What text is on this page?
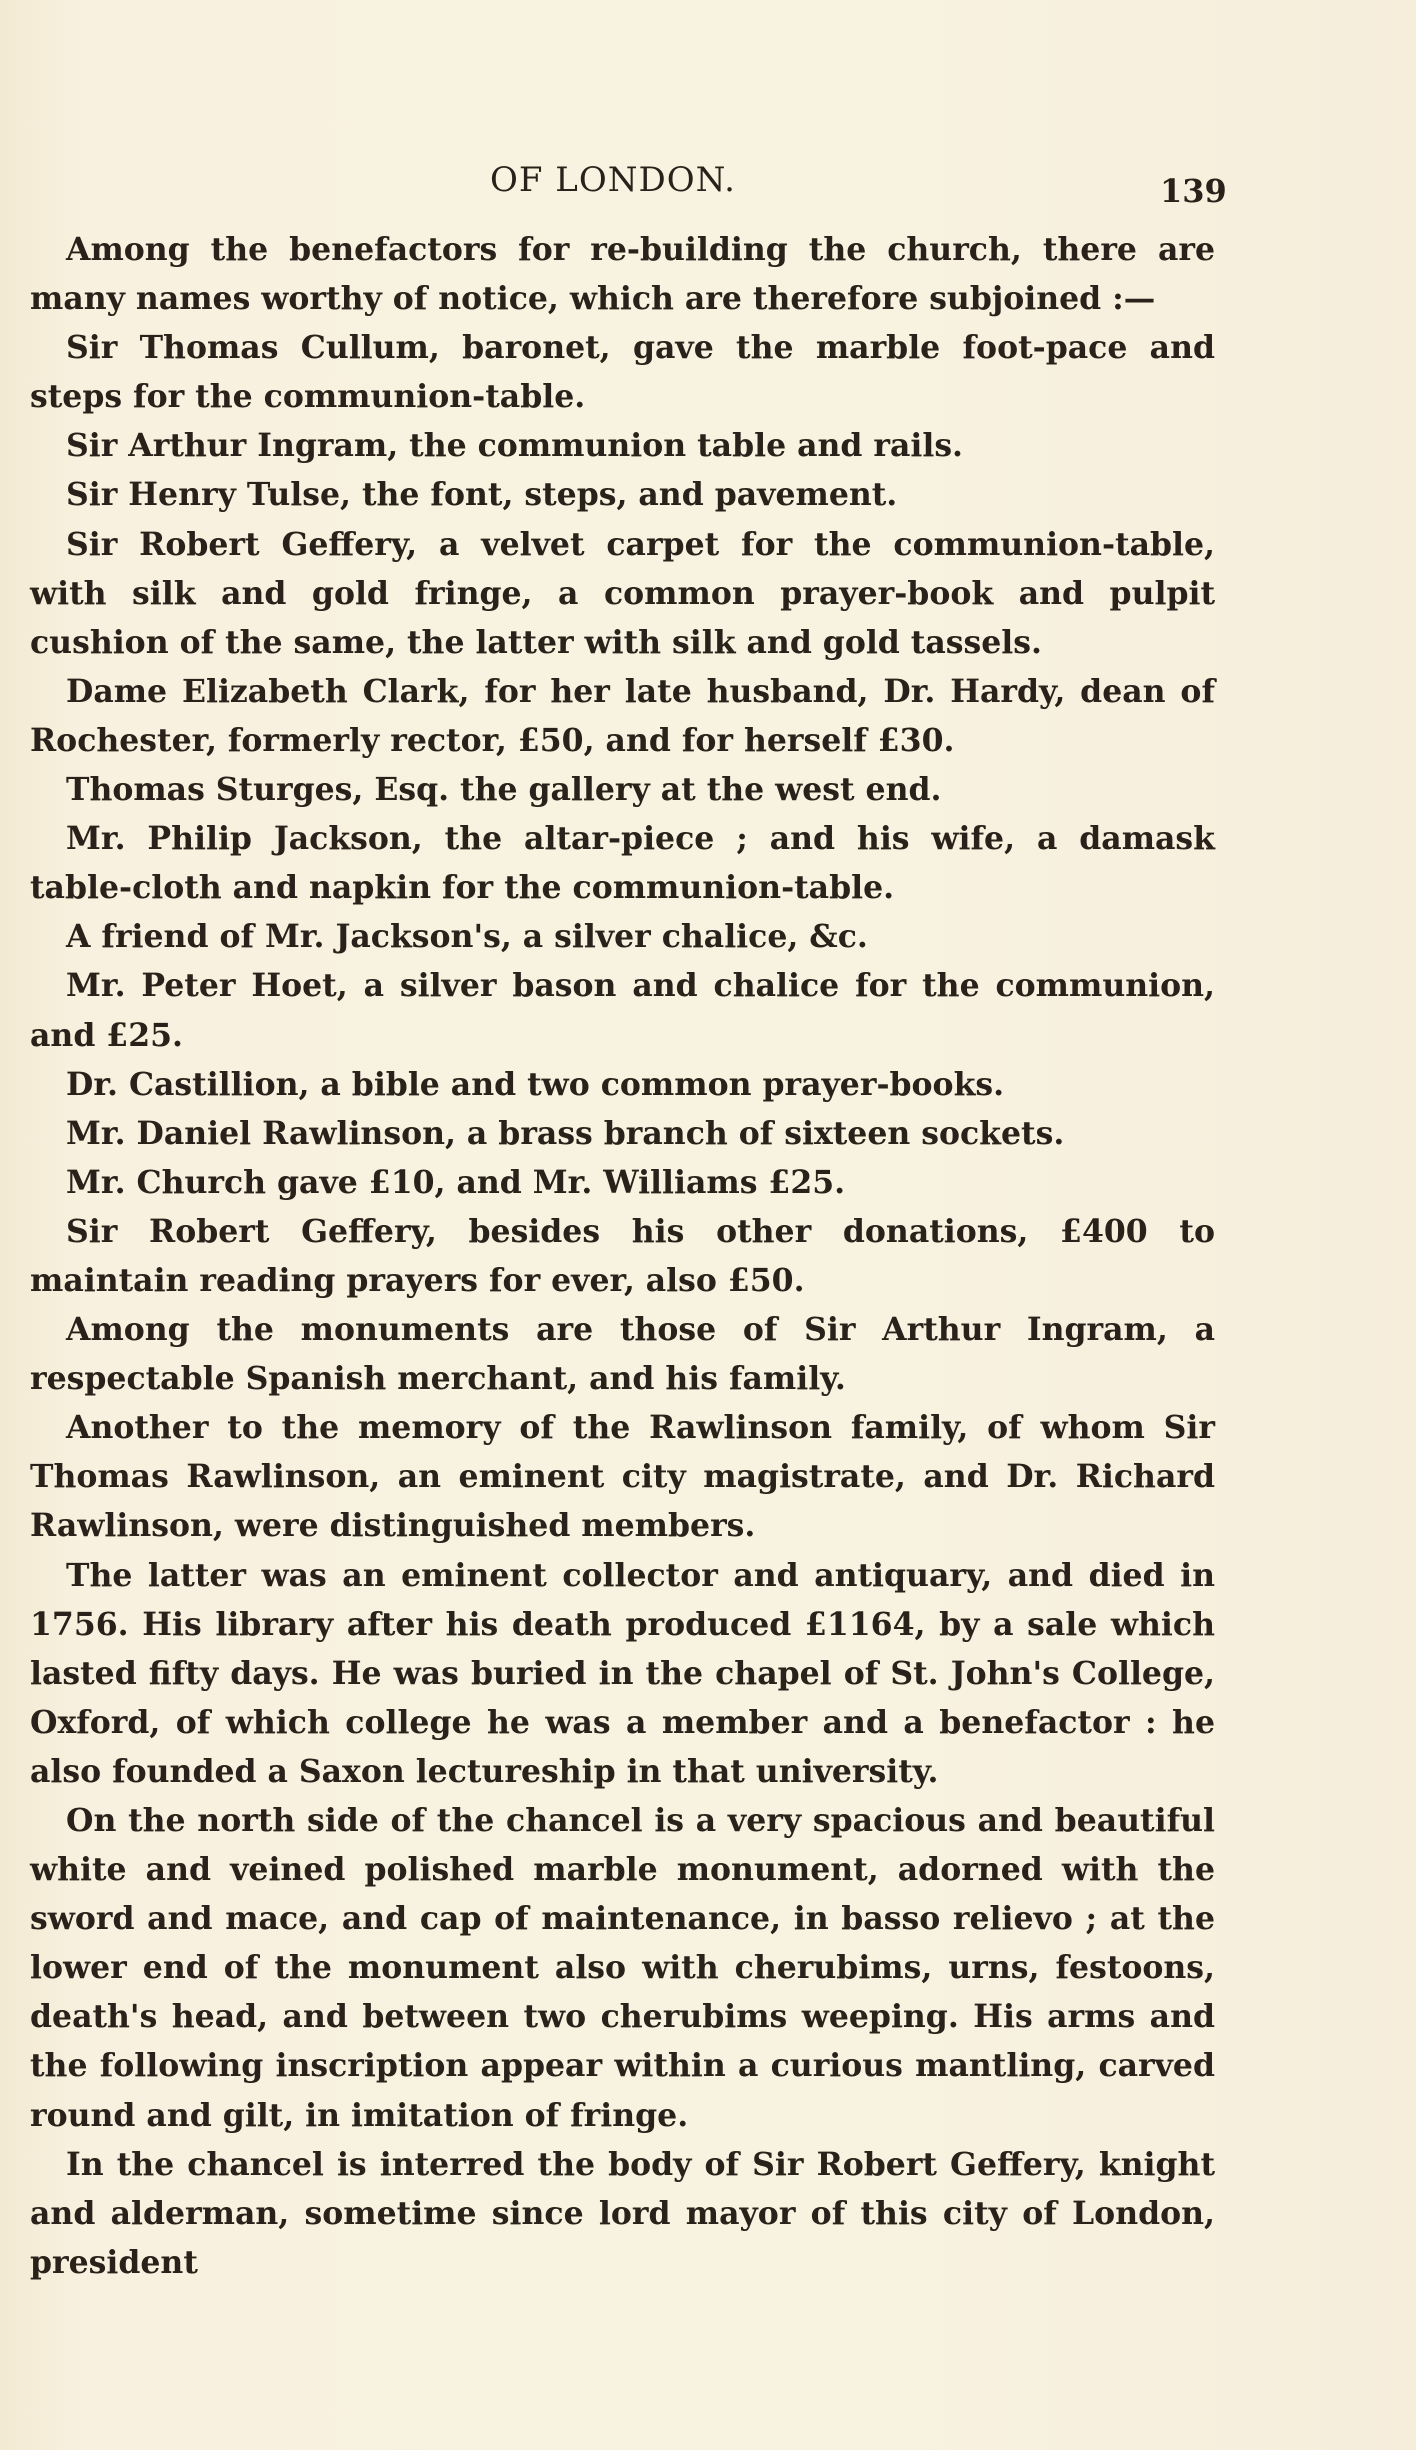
OF LONDON.	139

Among the benefactors for re-building the church, there are many names worthy of notice, which are therefore subjoined :—

Sir Thomas Cullum, baronet, gave the marble foot-pace and steps for the communion-table.

Sir Arthur Ingram, the communion table and rails.

Sir Henry Tulse, the font, steps, and pavement.

Sir Robert Geffery, a velvet carpet for the communion-table, with silk and gold fringe, a common prayer-book and pulpit cushion of the same, the latter with silk and gold tassels.

Dame Elizabeth Clark, for her late husband, Dr. Hardy, dean of Rochester, formerly rector, £50, and for herself £30.

Thomas Sturges, Esq. the gallery at the west end.

Mr. Philip Jackson, the altar-piece ; and his wife, a damask table-cloth and napkin for the communion-table.

A friend of Mr. Jackson's, a silver chalice, &c.

Mr. Peter Hoet, a silver bason and chalice for the communion, and £25.

Dr. Castillion, a bible and two common prayer-books.

Mr. Daniel Rawlinson, a brass branch of sixteen sockets.

Mr. Church gave £10, and Mr. Williams £25.

Sir Robert Geffery, besides his other donations, £400 to maintain reading prayers for ever, also £50.

Among the monuments are those of Sir Arthur Ingram, a respectable Spanish merchant, and his family.

Another to the memory of the Rawlinson family, of whom Sir Thomas Rawlinson, an eminent city magistrate, and Dr. Richard Rawlinson, were distinguished members.

The latter was an eminent collector and antiquary, and died in 1756. His library after his death produced £1164, by a sale which lasted fifty days. He was buried in the chapel of St. John's College, Oxford, of which college he was a member and a benefactor : he also founded a Saxon lectureship in that university.

On the north side of the chancel is a very spacious and beautiful white and veined polished marble monument, adorned with the sword and mace, and cap of maintenance, in basso relievo ; at the lower end of the monument also with cherubims, urns, festoons, death's head, and between two cherubims weeping. His arms and the following inscription appear within a curious mantling, carved round and gilt, in imitation of fringe.

In the chancel is interred the body of Sir Robert Geffery, knight and alderman, sometime since lord mayor of this city of London, president
